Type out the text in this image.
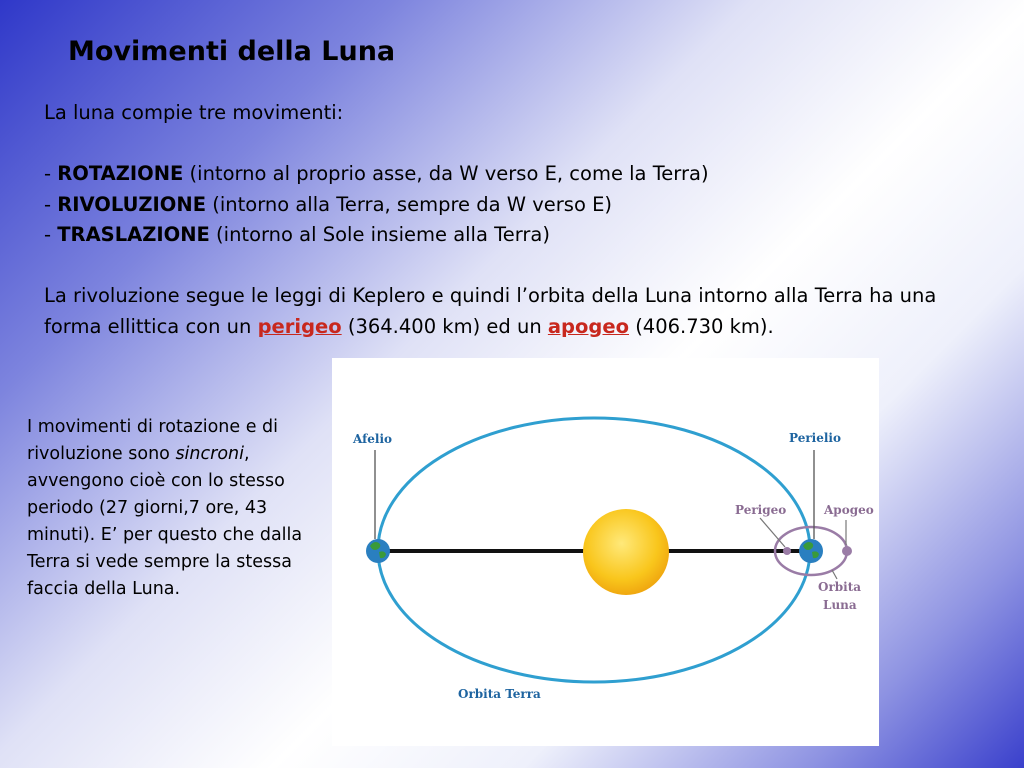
Movimenti della Luna

La luna compie tre movimenti:

- ROTAZIONE (intorno al proprio asse, da W verso E, come la Terra)

- RIVOLUZIONE (intorno alla Terra, sempre da W verso E)

- TRASLAZIONE (intorno al Sole insieme alla Terra)

La rivoluzione segue le leggi di Keplero e quindi l’orbita della Luna intorno alla Terra ha una forma ellittica con un perigeo (364.400 km) ed un apogeo (406.730 km).

I movimenti di rotazione e di rivoluzione sono sincroni, avvengono cioè con lo stesso periodo (27 giorni,7 ore, 43 minuti). E’ per questo che dalla Terra si vede sempre la stessa faccia della Luna.

Afelio	Perielio
Perigeo	Apogeo
Orbita
Luna
Orbita Terra
